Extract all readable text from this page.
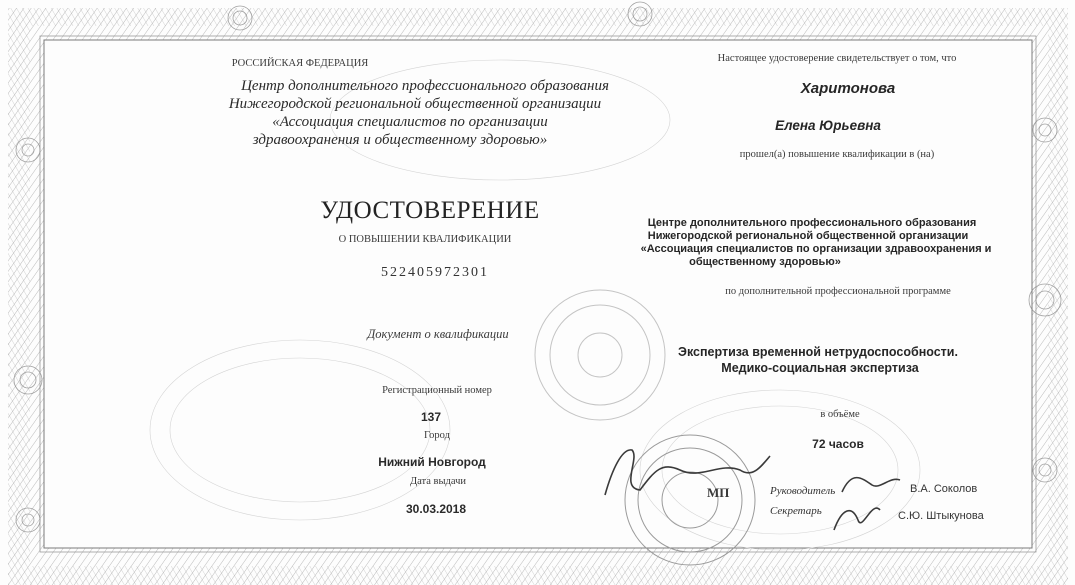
РОССИЙСКАЯ ФЕДЕРАЦИЯ
Центр дополнительного профессионального образования
Нижегородской региональной общественной организации
«Ассоциация специалистов по организации
здравоохранения и общественному здоровью»
УДОСТОВЕРЕНИЕ
О ПОВЫШЕНИИ КВАЛИФИКАЦИИ
522405972301
Документ о квалификации
Регистрационный номер
137
Город
Нижний Новгород
Дата выдачи
30.03.2018
Настоящее удостоверение свидетельствует о том, что
Харитонова
Елена Юрьевна
прошел(а) повышение квалификации в (на)
Центре дополнительного профессионального образования
Нижегородской региональной общественной организации
«Ассоциация специалистов по организации здравоохранения и
общественному здоровью»
по дополнительной профессиональной программе
Экспертиза временной нетрудоспособности.
Медико-социальная экспертиза
в объёме
72 часов
МП	Руководитель	В.А. Соколов
Секретарь	С.Ю. Штыкунова
